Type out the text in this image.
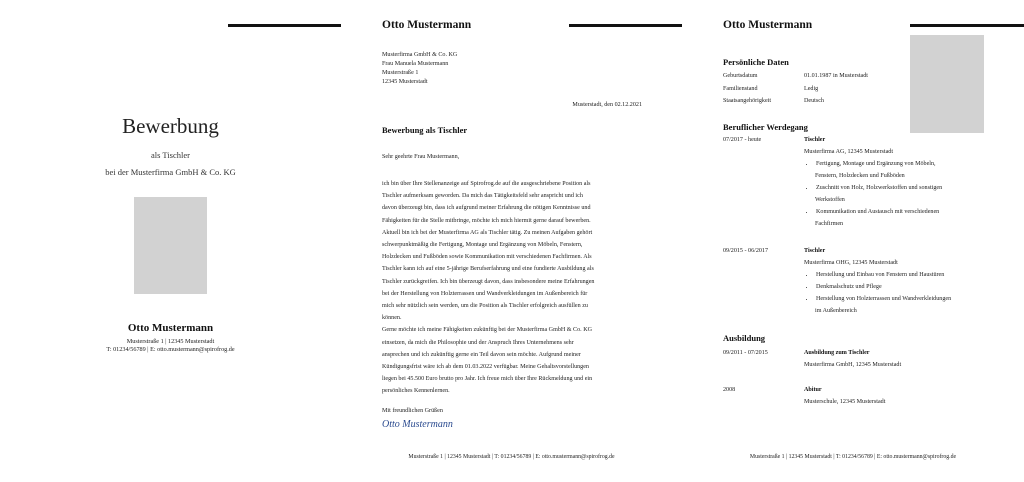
Bewerbung
als Tischler
bei der Musterfirma GmbH & Co. KG
Otto Mustermann
Musterstraße 1 | 12345 Musterstadt
T: 01234/56789 | E: otto.mustermann@spirofrog.de
Otto Mustermann
Musterfirma GmbH & Co. KG
Frau Manuela Mustermann
Musterstraße 1
12345 Musterstadt
Musterstadt, den 02.12.2021
Bewerbung als Tischler
Sehr geehrte Frau Mustermann,

ich bin über Ihre Stellenanzeige auf Spirofrog.de auf die ausgeschriebene Position als

Tischler aufmerksam geworden. Da mich das Tätigkeitsfeld sehr anspricht und ich

davon überzeugt bin, dass ich aufgrund meiner Erfahrung die nötigen Kenntnisse und

Fähigkeiten für die Stelle mitbringe, möchte ich mich hiermit gerne darauf bewerben.

Aktuell bin ich bei der Musterfirma AG als Tischler tätig. Zu meinen Aufgaben gehört

schwerpunktmäßig die Fertigung, Montage und Ergänzung von Möbeln, Fenstern,

Holzdecken und Fußböden sowie Kommunikation mit verschiedenen Fachfirmen. Als

Tischler kann ich auf eine 5-jährige Berufserfahrung und eine fundierte Ausbildung als

Tischler zurückgreifen. Ich bin überzeugt davon, dass insbesondere meine Erfahrungen

bei der Herstellung von Holzterrassen und Wandverkleidungen im Außenbereich für

mich sehr nützlich sein werden, um die Position als Tischler erfolgreich ausfüllen zu

können.

Gerne möchte ich meine Fähigkeiten zukünftig bei der Musterfirma GmbH & Co. KG

einsetzen, da mich die Philosophie und der Anspruch Ihres Unternehmens sehr

ansprechen und ich zukünftig gerne ein Teil davon sein möchte. Aufgrund meiner

Kündigungsfrist wäre ich ab dem 01.03.2022 verfügbar. Meine Gehaltsvorstellungen

liegen bei 45.500 Euro brutto pro Jahr. Ich freue mich über Ihre Rückmeldung und ein

persönliches Kennenlernen.

Mit freundlichen Grüßen
Otto Mustermann
Musterstraße 1 | 12345 Musterstadt | T: 01234/56789 | E: otto.mustermann@spirofrog.de
Otto Mustermann
Persönliche Daten
Geburtsdatum	01.01.1987 in Musterstadt
Familienstand	Ledig
Staatsangehörigkeit	Deutsch
Beruflicher Werdegang
07/2017 - heute	Tischler
Musterfirma AG, 12345 Musterstadt
• Fertigung, Montage und Ergänzung von Möbeln,
Fenstern, Holzdecken und Fußböden
• Zuschnitt von Holz, Holzwerkstoffen und sonstigen
Werkstoffen
• Kommunikation und Austausch mit verschiedenen
Fachfirmen
09/2015 - 06/2017	Tischler
Musterfirma OHG, 12345 Musterstadt
• Herstellung und Einbau von Fenstern und Haustüren
• Denkmalschutz und Pflege
• Herstellung von Holzterrassen und Wandverkleidungen
im Außenbereich
Ausbildung
09/2011 - 07/2015	Ausbildung zum Tischler
Musterfirma GmbH, 12345 Musterstadt
2008	Abitur
Musterschule, 12345 Musterstadt
Musterstraße 1 | 12345 Musterstadt | T: 01234/56789 | E: otto.mustermann@spirofrog.de
